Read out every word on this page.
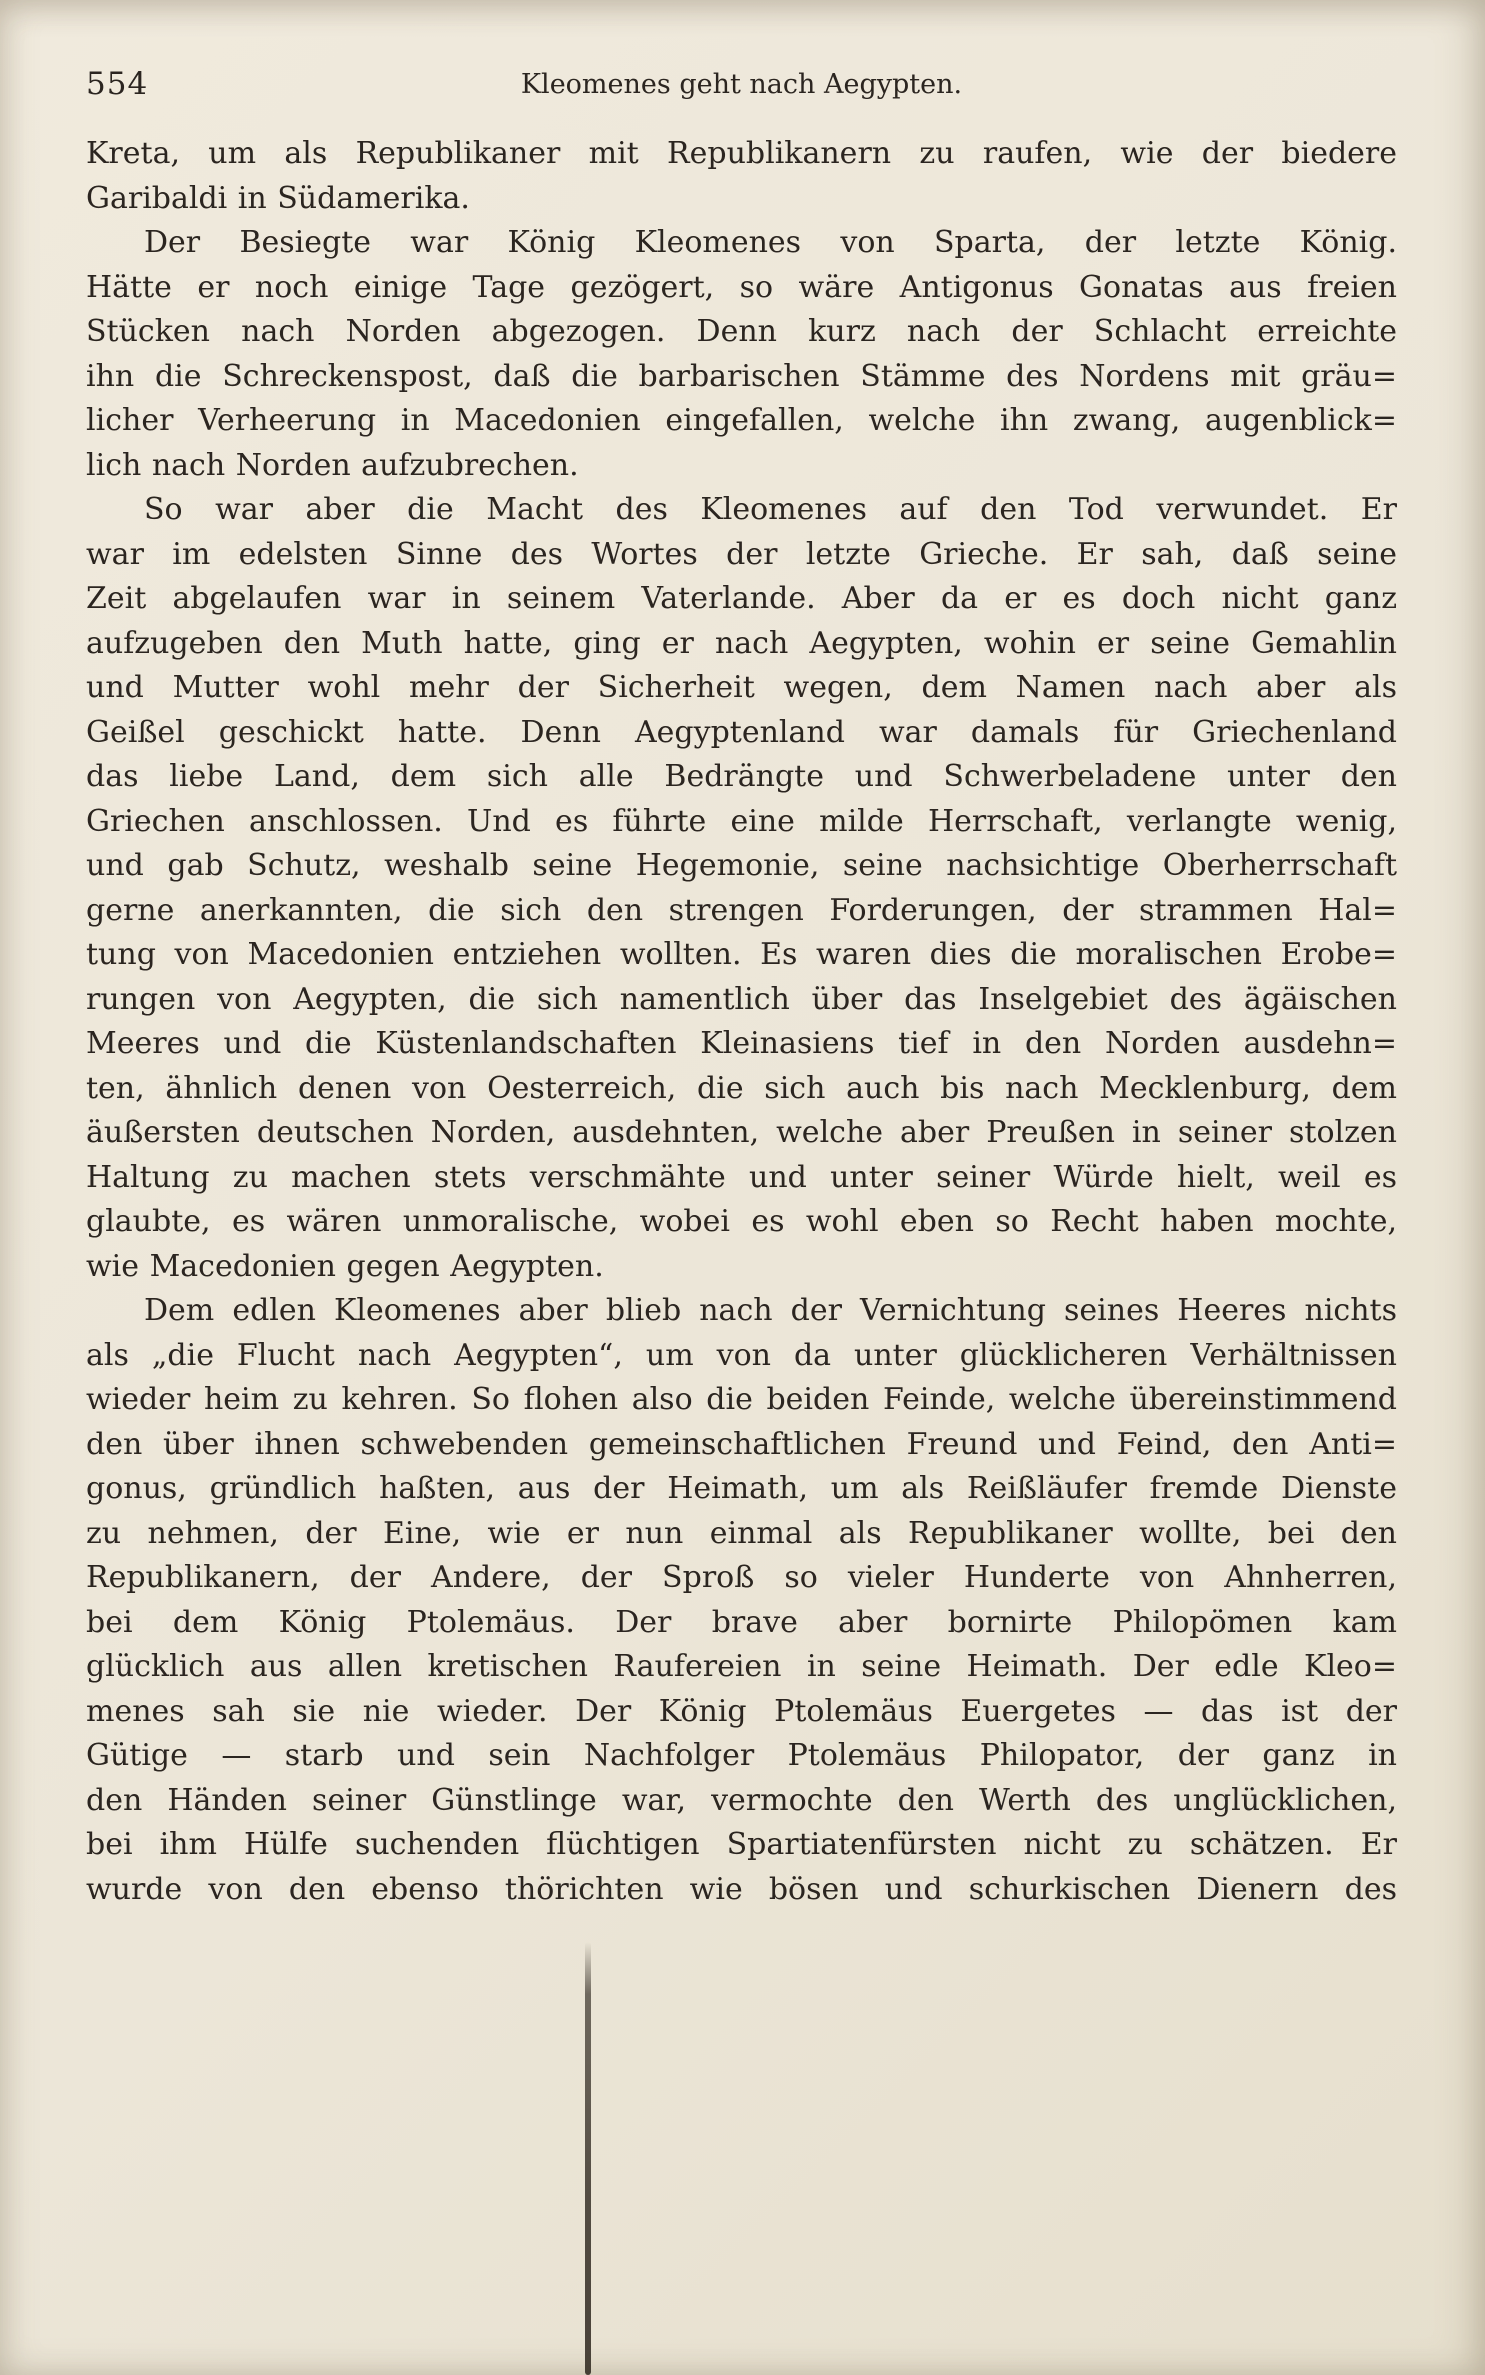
554	Kleomenes geht nach Aegypten.
Kreta, um als Republikaner mit Republikanern zu raufen, wie der biedere
Garibaldi in Südamerika.
Der Besiegte war König Kleomenes von Sparta, der letzte König.
Hätte er noch einige Tage gezögert, so wäre Antigonus Gonatas aus freien
Stücken nach Norden abgezogen. Denn kurz nach der Schlacht erreichte
ihn die Schreckenspost, daß die barbarischen Stämme des Nordens mit gräu=
licher Verheerung in Macedonien eingefallen, welche ihn zwang, augenblick=
lich nach Norden aufzubrechen.
So war aber die Macht des Kleomenes auf den Tod verwundet. Er
war im edelsten Sinne des Wortes der letzte Grieche. Er sah, daß seine
Zeit abgelaufen war in seinem Vaterlande. Aber da er es doch nicht ganz
aufzugeben den Muth hatte, ging er nach Aegypten, wohin er seine Gemahlin
und Mutter wohl mehr der Sicherheit wegen, dem Namen nach aber als
Geißel geschickt hatte. Denn Aegyptenland war damals für Griechenland
das liebe Land, dem sich alle Bedrängte und Schwerbeladene unter den
Griechen anschlossen. Und es führte eine milde Herrschaft, verlangte wenig,
und gab Schutz, weshalb seine Hegemonie, seine nachsichtige Oberherrschaft
gerne anerkannten, die sich den strengen Forderungen, der strammen Hal=
tung von Macedonien entziehen wollten. Es waren dies die moralischen Erobe=
rungen von Aegypten, die sich namentlich über das Inselgebiet des ägäischen
Meeres und die Küstenlandschaften Kleinasiens tief in den Norden ausdehn=
ten, ähnlich denen von Oesterreich, die sich auch bis nach Mecklenburg, dem
äußersten deutschen Norden, ausdehnten, welche aber Preußen in seiner stolzen
Haltung zu machen stets verschmähte und unter seiner Würde hielt, weil es
glaubte, es wären unmoralische, wobei es wohl eben so Recht haben mochte,
wie Macedonien gegen Aegypten.
Dem edlen Kleomenes aber blieb nach der Vernichtung seines Heeres nichts
als „die Flucht nach Aegypten“, um von da unter glücklicheren Verhältnissen
wieder heim zu kehren. So flohen also die beiden Feinde, welche übereinstimmend
den über ihnen schwebenden gemeinschaftlichen Freund und Feind, den Anti=
gonus, gründlich haßten, aus der Heimath, um als Reißläufer fremde Dienste
zu nehmen, der Eine, wie er nun einmal als Republikaner wollte, bei den
Republikanern, der Andere, der Sproß so vieler Hunderte von Ahnherren,
bei dem König Ptolemäus. Der brave aber bornirte Philopömen kam
glücklich aus allen kretischen Raufereien in seine Heimath. Der edle Kleo=
menes sah sie nie wieder. Der König Ptolemäus Euergetes — das ist der
Gütige — starb und sein Nachfolger Ptolemäus Philopator, der ganz in
den Händen seiner Günstlinge war, vermochte den Werth des unglücklichen,
bei ihm Hülfe suchenden flüchtigen Spartiatenfürsten nicht zu schätzen. Er
wurde von den ebenso thörichten wie bösen und schurkischen Dienern des
